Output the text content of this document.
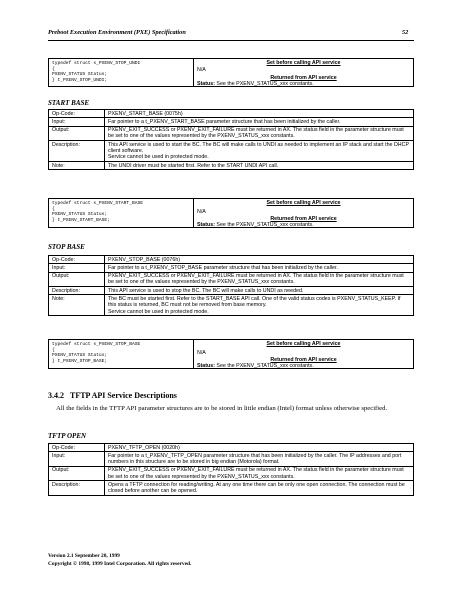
Preboot Execution Environment (PXE) Specification	52
typedef struct s_PXENV_STOP_UNDI
{
PXENV_STATUS Status;
} t_PXENV_STOP_UNDI;
Set before calling API service
N/A
Returned from API service
Status: See the PXENV_STATUS_xxx constants.
START BASE
Op-Code:	PXENV_START_BASE (0075h)
Input:	Far pointer to a t_PXENV_START_BASE parameter structure that has been initialized by the caller.
Output:	PXENV_EXIT_SUCCESS or PXENV_EXIT_FAILURE must be returned in AX. The status field in the parameter structure must be set to one of the values represented by the PXENV_STATUS_xxx constants.
Description:	This API service is used to start the BC. The BC will make calls to UNDI as needed to implement an IP stack and start the DHCP client software.

Service cannot be used in protected mode.

Note:	The UNDI driver must be started first. Refer to the START UNDI API call.
typedef struct s_PXENV_START_BASE
{
PXENV_STATUS Status;
} t_PXENV_START_BASE;
Set before calling API service
N/A
Returned from API service
Status: See the PXENV_STATUS_xxx constants.
STOP BASE
Op-Code:	PXENV_STOP_BASE (0076h)
Input:	Far pointer to a t_PXENV_STOP_BASE parameter structure that has been initialized by the caller.
Output:	PXENV_EXIT_SUCCESS or PXENV_EXIT_FAILURE must be returned in AX. The status field in the parameter structure must be set to one of the values represented by the PXENV_STATUS_xxx constants.
Description:	This API service is used to stop the BC. The BC will make calls to UNDI as needed.
Note:	The BC must be started first. Refer to the START_BASE API call. One of the valid status codes is PXENV_STATUS_KEEP. If this status is returned, BC must not be removed from base memory.

Service cannot be used in protected mode.

typedef struct s_PXENV_STOP_BASE
{
PXENV_STATUS Status;
} t_PXENV_STOP_BASE;
Set before calling API service
N/A
Returned from API service
Status: See the PXENV_STATUS_xxx constants.
3.4.2 TFTP API Service Descriptions
All the fields in the TFTP API parameter structures are to be stored in little endian (Intel) format unless otherwise specified.
TFTP OPEN
Op-Code:	PXENV_TFTP_OPEN (0020h)
Input:	Far pointer to a t_PXENV_TFTP_OPEN parameter structure that has been initialized by the caller. The IP addresses and port numbers in this structure are to be stored in big endian (Motorola) format.
Output:	PXENV_EXIT_SUCCESS or PXENV_EXIT_FAILURE must be returned in AX. The status field in the parameter structure must be set to one of the values represented by the PXENV_STATUS_xxx constants.
Description:	Opens a TFTP connection for reading/writing. At any one time there can be only one open connection. The connection must be closed before another can be opened.
Version 2.1 September 20, 1999
Copyright © 1998, 1999 Intel Corporation. All rights reserved.
